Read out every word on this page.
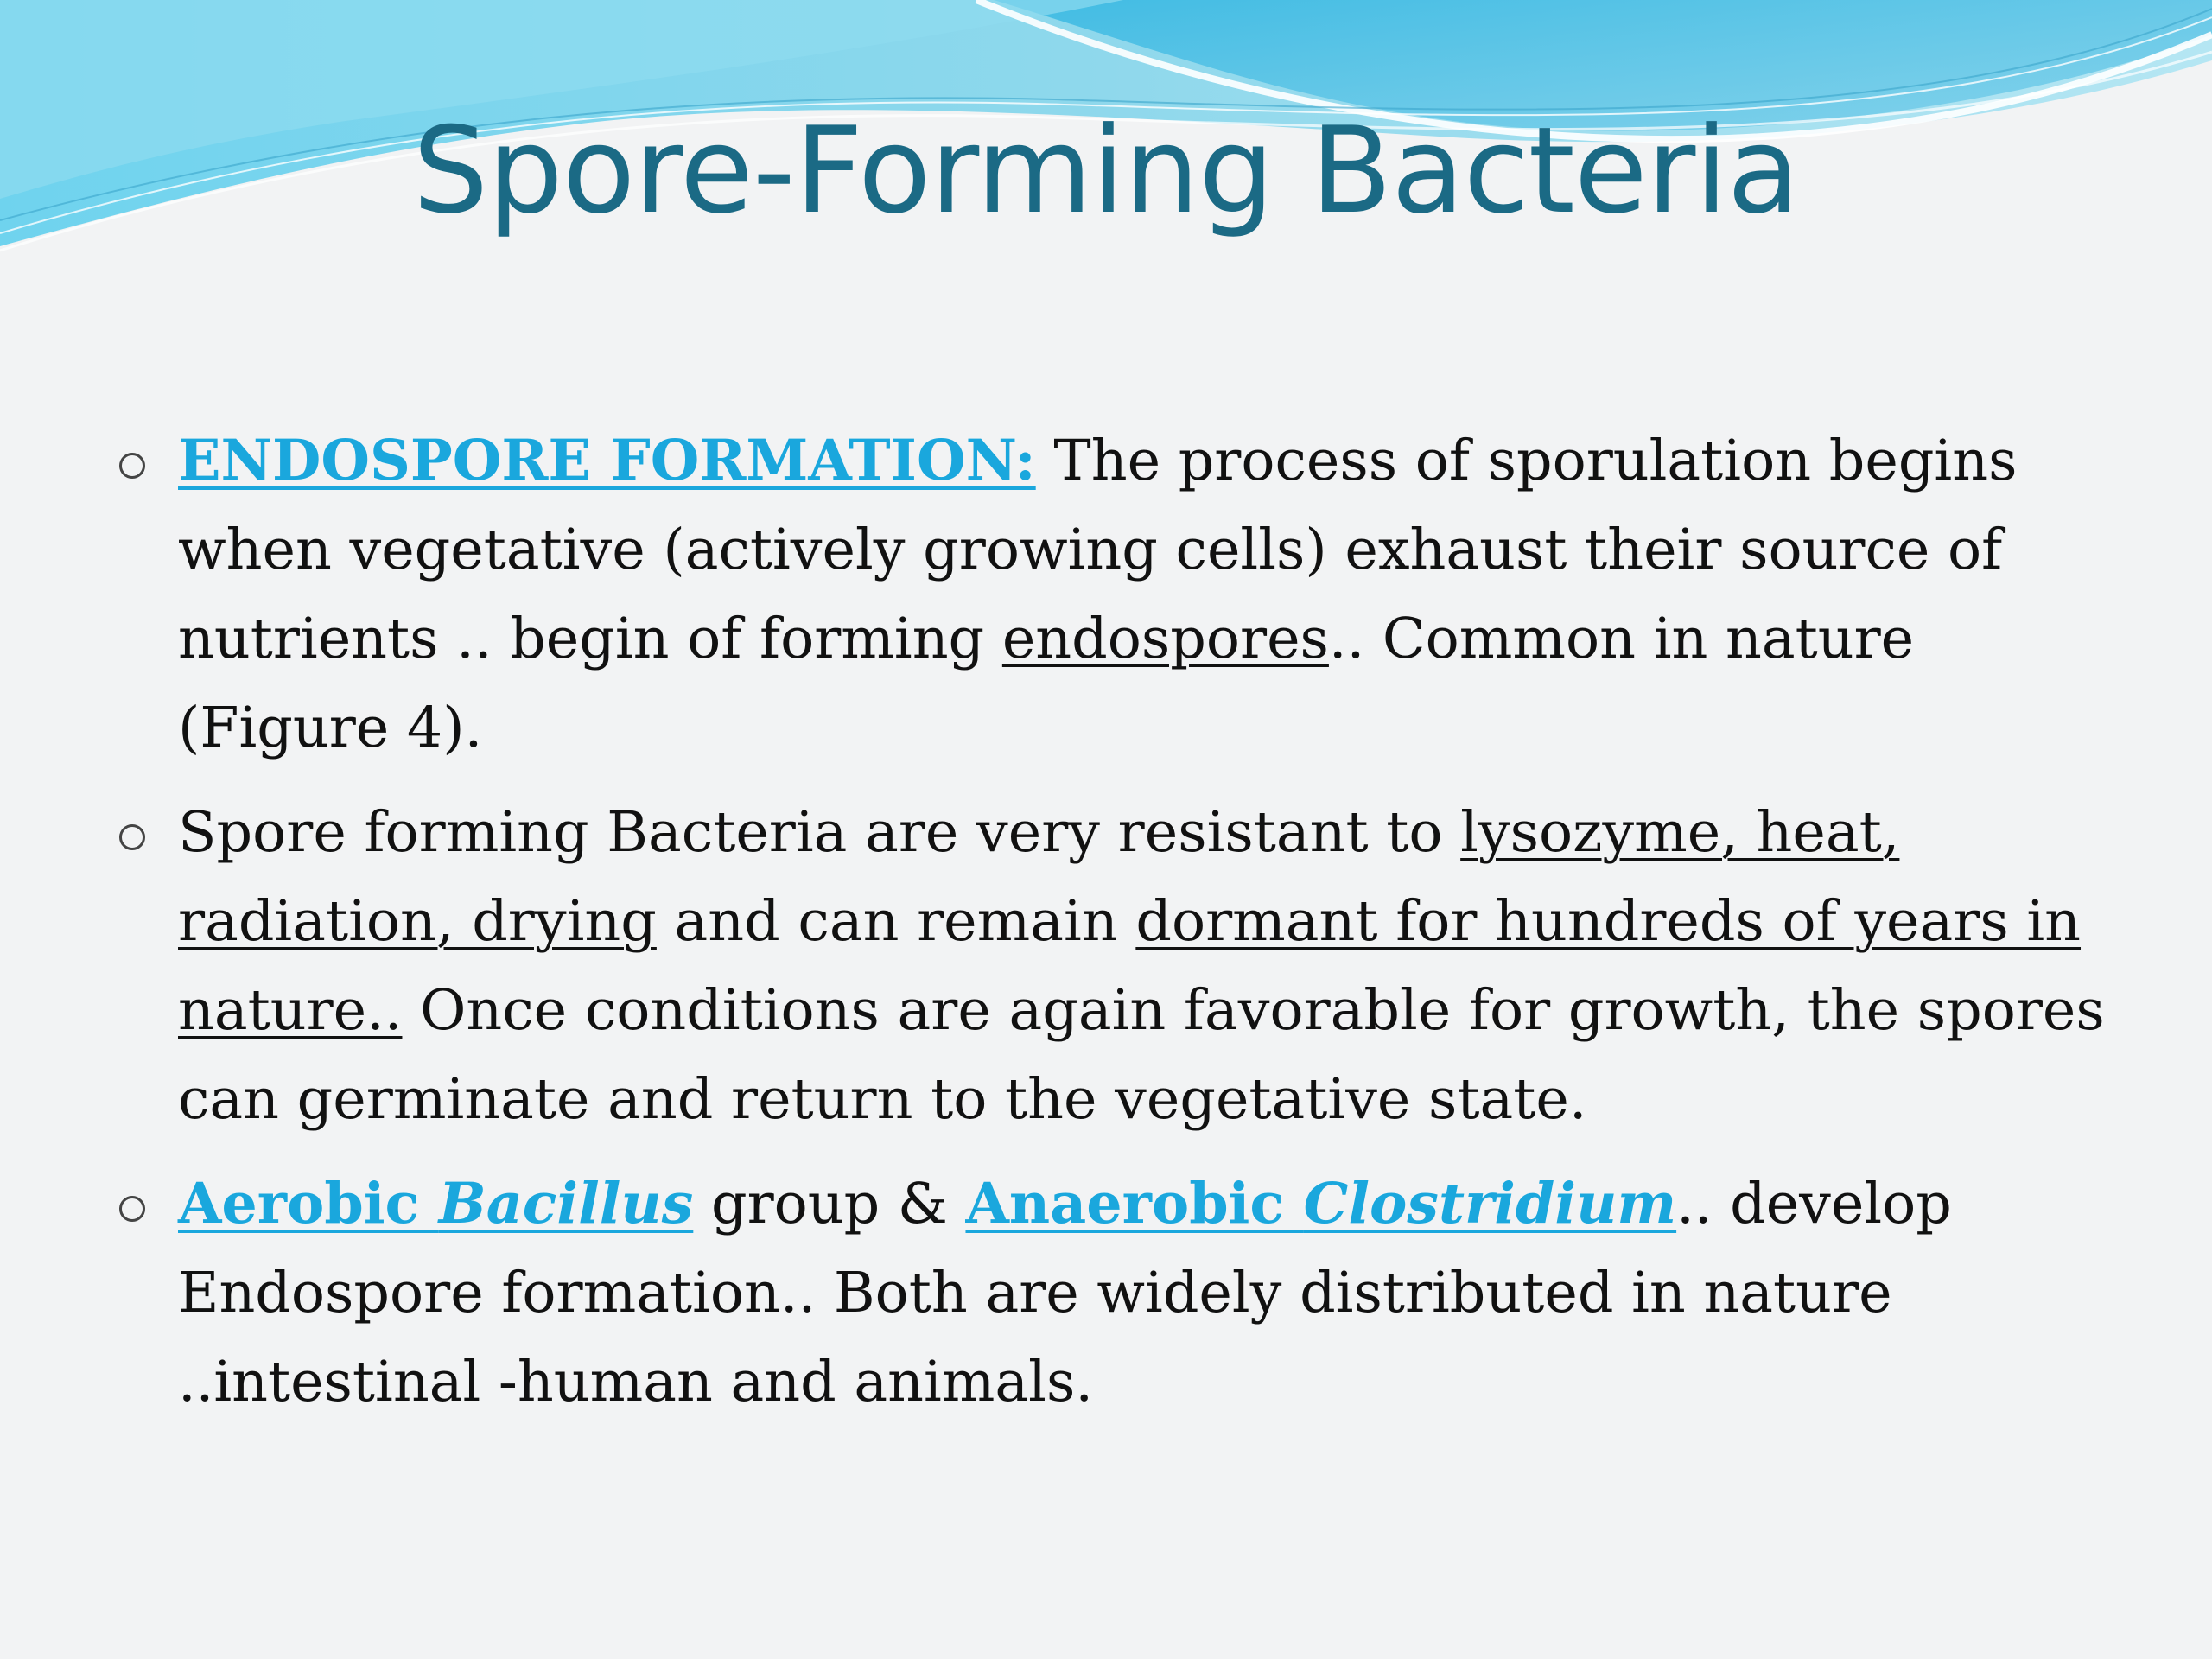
Spore-Forming Bacteria
ENDOSPORE FORMATION: The process of sporulation begins when vegetative (actively growing cells) exhaust their source of nutrients .. begin of forming endospores.. Common in nature (Figure 4).
Spore forming Bacteria are very resistant to lysozyme, heat, radiation, drying and can remain dormant for hundreds of years in nature.. Once conditions are again favorable for growth, the spores can germinate and return to the vegetative state.
Aerobic Bacillus group & Anaerobic Clostridium.. develop Endospore formation.. Both are widely distributed in nature ..intestinal -human and animals.
